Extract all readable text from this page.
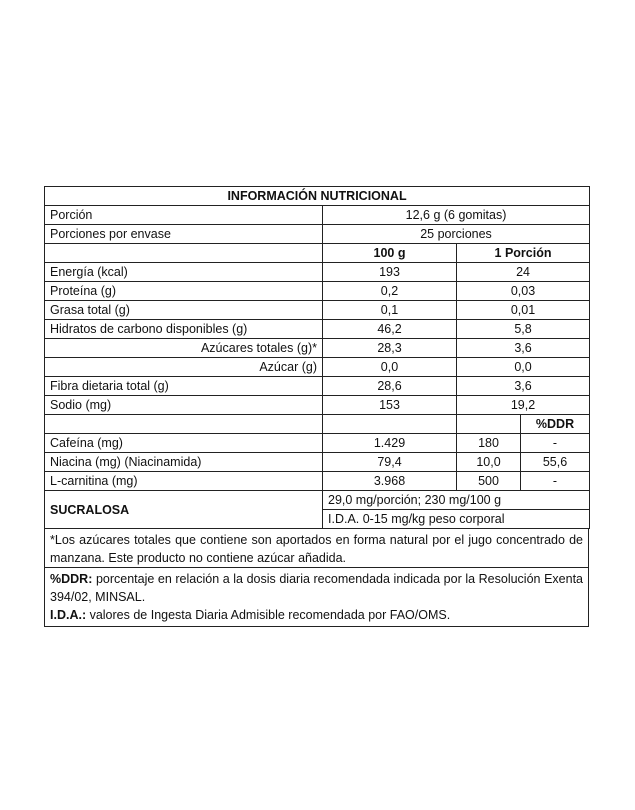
INFORMACIÓN NUTRICIONAL			
Porción	12,6 g (6 gomitas)		
Porciones por envase	25 porciones		
	100 g	1 Porción	
Energía (kcal)	193	24	
Proteína (g)	0,2	0,03	
Grasa total (g)	0,1	0,01	
Hidratos de carbono disponibles (g)	46,2	5,8	
Azúcares totales (g)*	28,3	3,6	
Azúcar (g)	0,0	0,0	
Fibra dietaria total (g)	28,6	3,6	
Sodio (mg)	153	19,2	
			%DDR
Cafeína (mg)	1.429	180	-
Niacina (mg) (Niacinamida)	79,4	10,0	55,6
L-carnitina (mg)	3.968	500	-
SUCRALOSA	29,0 mg/porción; 230 mg/100 g		
	I.D.A. 0-15 mg/kg peso corporal		

*Los azúcares totales que contiene son aportados en forma natural por el jugo concentrado de manzana. Este producto no contiene azúcar añadida.

%DDR: porcentaje en relación a la dosis diaria recomendada indicada por la Resolución Exenta 394/02, MINSAL.

I.D.A.: valores de Ingesta Diaria Admisible recomendada por FAO/OMS.
